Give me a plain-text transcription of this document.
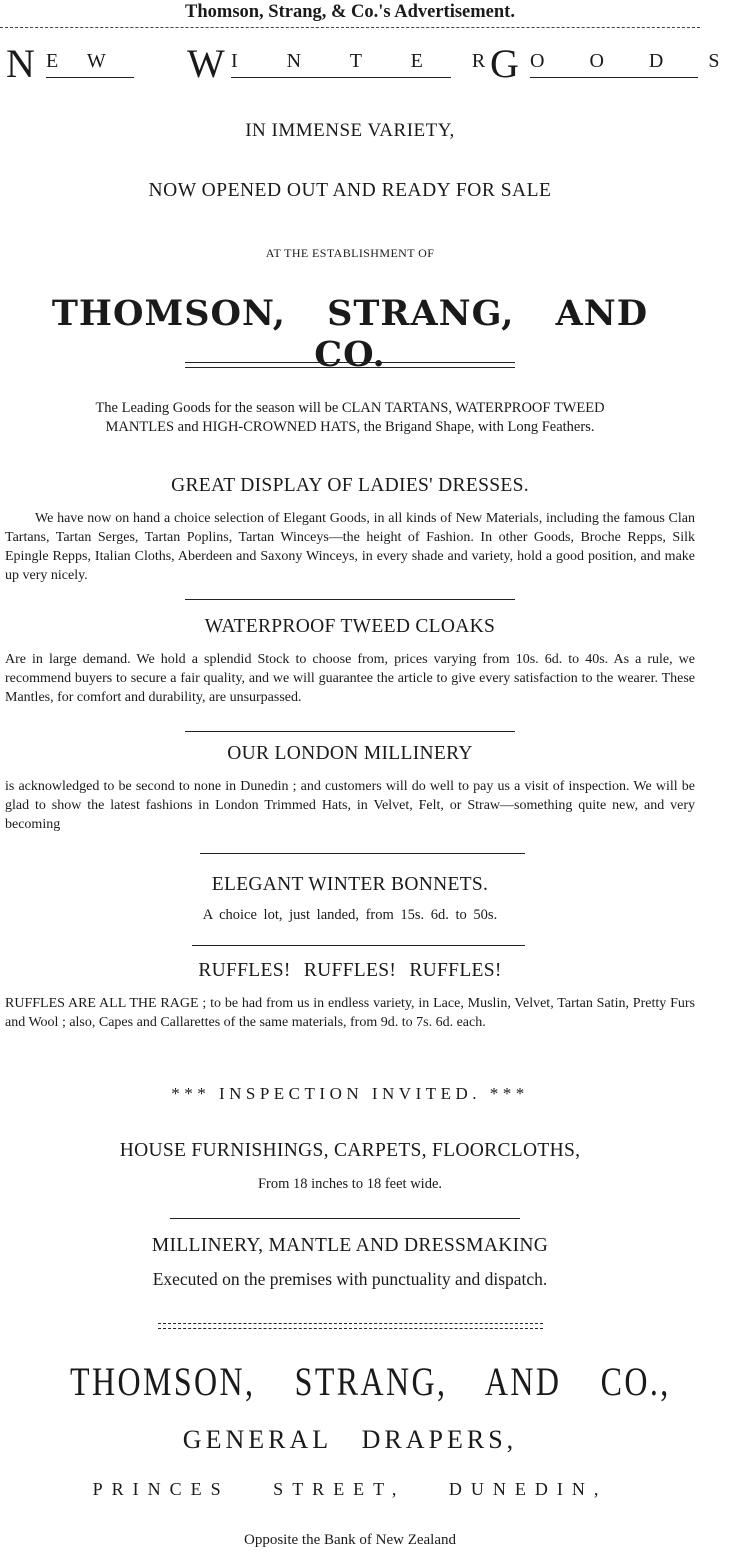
Thomson, Strang, & Co.'s Advertisement.
N E W	W I N T E R
G O O D S
IN IMMENSE VARIETY,
NOW OPENED OUT AND READY FOR SALE
AT THE ESTABLISHMENT OF
THOMSON, STRANG, AND CO.
The Leading Goods for the season will be CLAN TARTANS, WATERPROOF TWEED
MANTLES and HIGH-CROWNED HATS, the Brigand Shape, with Long Feathers.
GREAT DISPLAY OF LADIES' DRESSES.

We have now on hand a choice selection of Elegant Goods, in all kinds of New Materials, including the famous Clan Tartans, Tartan Serges, Tartan Poplins, Tartan Winceys—the height of Fashion. In other Goods, Broche Repps, Silk Epingle Repps, Italian Cloths, Aberdeen and Saxony Winceys, in every shade and variety, hold a good position, and make up very nicely.

WATERPROOF TWEED CLOAKS

Are in large demand. We hold a splendid Stock to choose from, prices varying from 10s. 6d. to 40s. As a rule, we recommend buyers to secure a fair quality, and we will guarantee the article to give every satisfaction to the wearer. These Mantles, for comfort and durability, are unsurpassed.

OUR LONDON MILLINERY

is acknowledged to be second to none in Dunedin ; and customers will do well to pay us a visit of inspection. We will be glad to show the latest fashions in London Trimmed Hats, in Velvet, Felt, or Straw—something quite new, and very becoming

ELEGANT WINTER BONNETS.
A choice lot, just landed, from 15s. 6d. to 50s.
RUFFLES! RUFFLES! RUFFLES!

RUFFLES ARE ALL THE RAGE ; to be had from us in endless variety, in Lace, Muslin, Velvet, Tartan Satin, Pretty Furs and Wool ; also, Capes and Callarettes of the same materials, from 9d. to 7s. 6d. each.

*** INSPECTION INVITED. ***
HOUSE FURNISHINGS, CARPETS, FLOORCLOTHS,
From 18 inches to 18 feet wide.
MILLINERY, MANTLE AND DRESSMAKING
Executed on the premises with punctuality and dispatch.
THOMSON, STRANG, AND CO.,
GENERAL DRAPERS,
PRINCES STREET, DUNEDIN,
Opposite the Bank of New Zealand
